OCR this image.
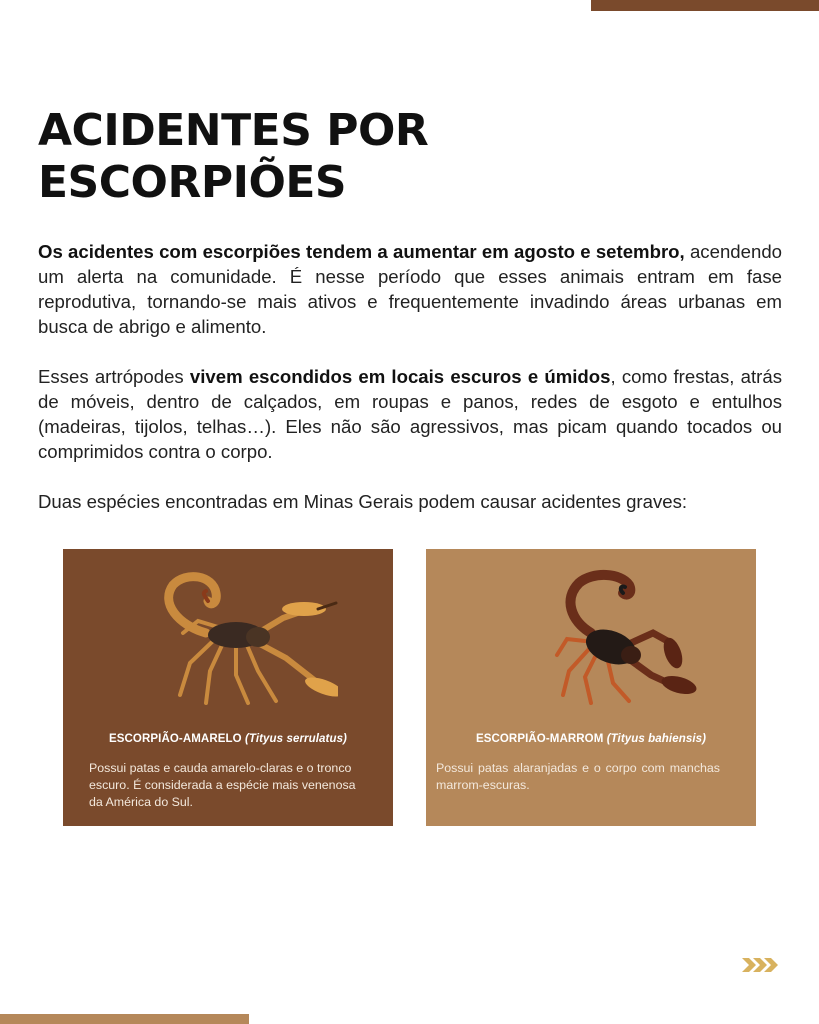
ACIDENTES POR ESCORPIÕES

Os acidentes com escorpiões tendem a aumentar em agosto e setembro, acendendo um alerta na comunidade. É nesse período que esses animais entram em fase reprodutiva, tornando-se mais ativos e frequentemente invadindo áreas urbanas em busca de abrigo e alimento.

Esses artrópodes vivem escondidos em locais escuros e úmidos, como frestas, atrás de móveis, dentro de calçados, em roupas e panos, redes de esgoto e entulhos (madeiras, tijolos, telhas…). Eles não são agressivos, mas picam quando tocados ou comprimidos contra o corpo.

Duas espécies encontradas em Minas Gerais podem causar acidentes graves:

ESCORPIÃO-AMARELO (Tityus serrulatus)
Possui patas e cauda amarelo-claras e o tronco escuro. É considerada a espécie mais venenosa da América do Sul.
ESCORPIÃO-MARROM (Tityus bahiensis)
Possui patas alaranjadas e o corpo com manchas marrom-escuras.
